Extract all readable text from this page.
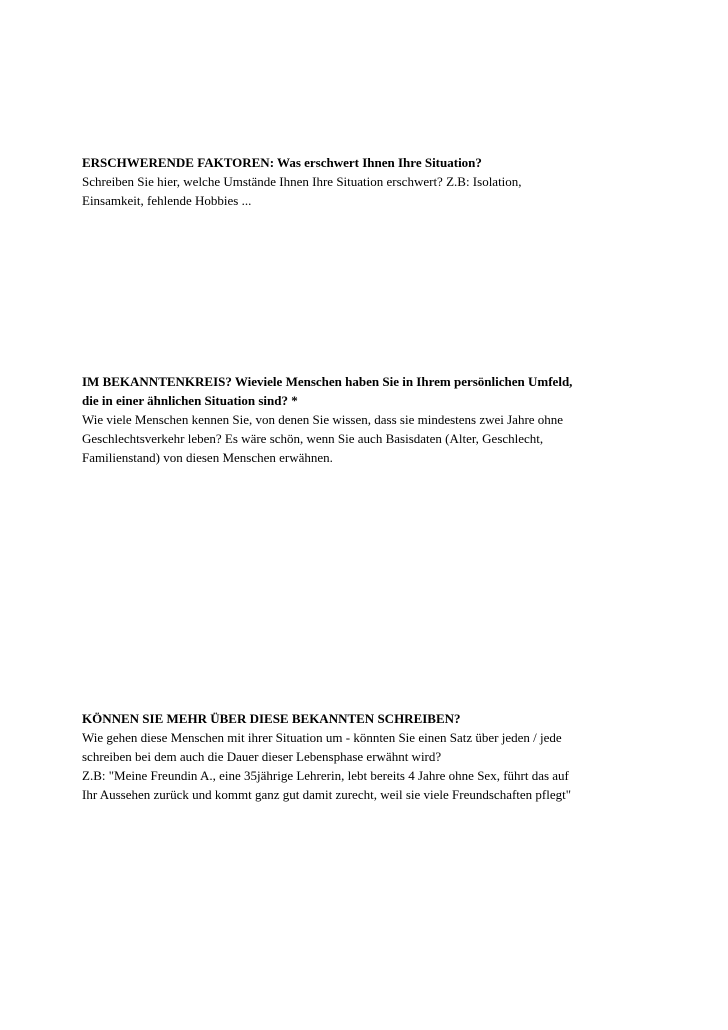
ERSCHWERENDE FAKTOREN: Was erschwert Ihnen Ihre Situation?
Schreiben Sie hier, welche Umstände Ihnen Ihre Situation erschwert? Z.B: Isolation,
Einsamkeit, fehlende Hobbies ...
IM BEKANNTENKREIS? Wieviele Menschen haben Sie in Ihrem persönlichen Umfeld,
die in einer ähnlichen Situation sind? *
Wie viele Menschen kennen Sie, von denen Sie wissen, dass sie mindestens zwei Jahre ohne
Geschlechtsverkehr leben? Es wäre schön, wenn Sie auch Basisdaten (Alter, Geschlecht,
Familienstand) von diesen Menschen erwähnen.
KÖNNEN SIE MEHR ÜBER DIESE BEKANNTEN SCHREIBEN?
Wie gehen diese Menschen mit ihrer Situation um - könnten Sie einen Satz über jeden / jede
schreiben bei dem auch die Dauer dieser Lebensphase erwähnt wird?
Z.B: "Meine Freundin A., eine 35jährige Lehrerin, lebt bereits 4 Jahre ohne Sex, führt das auf
Ihr Aussehen zurück und kommt ganz gut damit zurecht, weil sie viele Freundschaften pflegt"
